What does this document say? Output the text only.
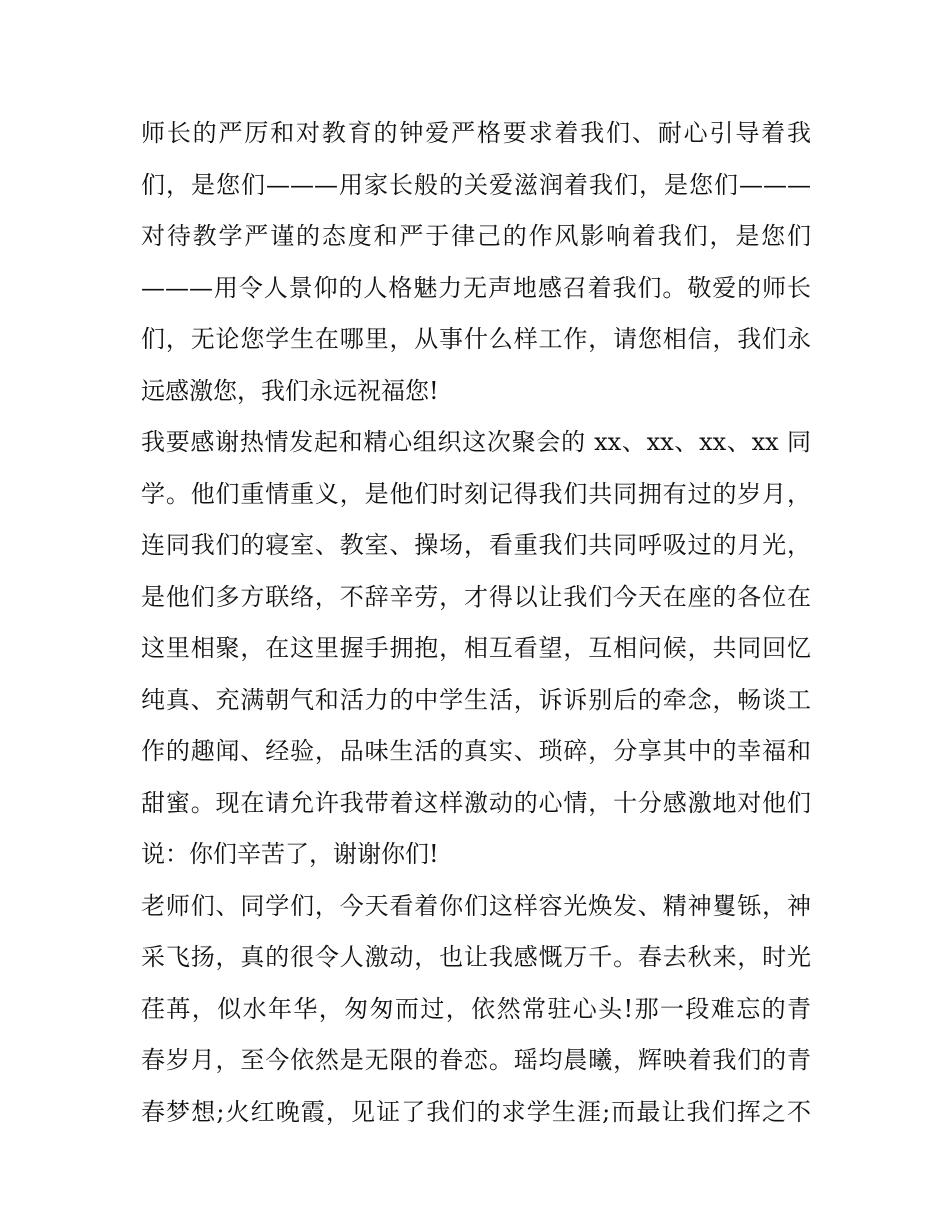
师长的严厉和对教育的钟爱严格要求着我们、耐心引导着我
们，是您们———用家长般的关爱滋润着我们，是您们———
对待教学严谨的态度和严于律己的作风影响着我们，是您们
———用令人景仰的人格魅力无声地感召着我们。敬爱的师长
们，无论您学生在哪里，从事什么样工作，请您相信，我们永
远感激您，我们永远祝福您!
我要感谢热情发起和精心组织这次聚会的 xx、xx、xx、xx 同
学。他们重情重义，是他们时刻记得我们共同拥有过的岁月，
连同我们的寝室、教室、操场，看重我们共同呼吸过的月光，
是他们多方联络，不辞辛劳，才得以让我们今天在座的各位在
这里相聚，在这里握手拥抱，相互看望，互相问候，共同回忆
纯真、充满朝气和活力的中学生活，诉诉别后的牵念，畅谈工
作的趣闻、经验，品味生活的真实、琐碎，分享其中的幸福和
甜蜜。现在请允许我带着这样激动的心情，十分感激地对他们
说：你们辛苦了，谢谢你们!
老师们、同学们，今天看着你们这样容光焕发、精神矍铄，神
采飞扬，真的很令人激动，也让我感慨万千。春去秋来，时光
荏苒，似水年华，匆匆而过，依然常驻心头!那一段难忘的青
春岁月，至今依然是无限的眷恋。瑶均晨曦，辉映着我们的青
春梦想;火红晚霞，见证了我们的求学生涯;而最让我们挥之不
